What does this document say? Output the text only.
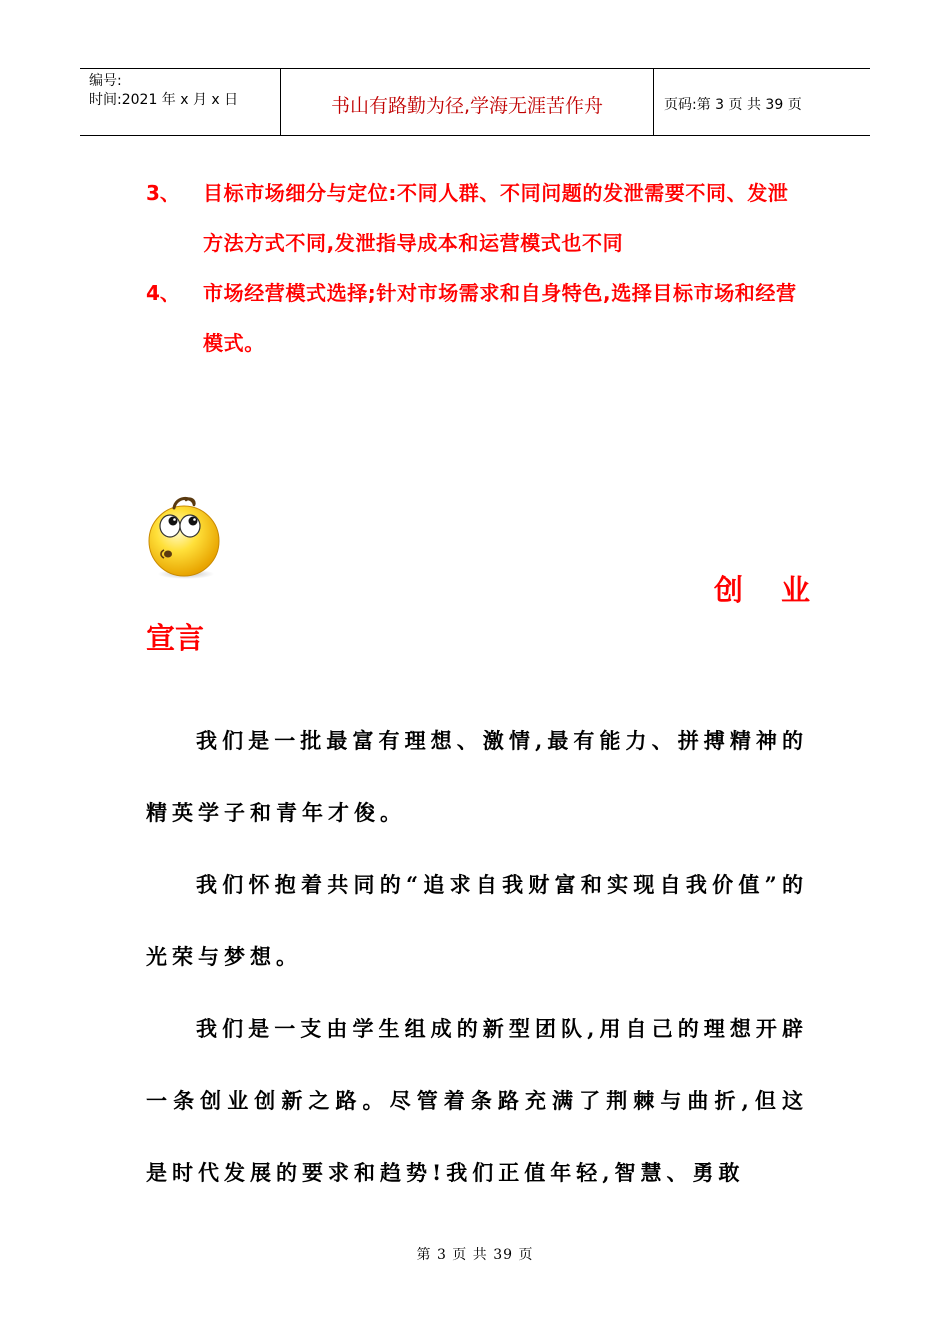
编号:
时间:2021 年 x 月 x 日	书山有路勤为径,学海无涯苦作舟	页码:第 3 页 共 39 页
3、	目标市场细分与定位:不同人群、不同问题的发泄需要不同、发泄方法方式不同,发泄指导成本和运营模式也不同
4、	市场经营模式选择;针对市场需求和自身特色,选择目标市场和经营模式。
创业
宣言

我们是一批最富有理想、激情,最有能力、拼搏精神的精英学子和青年才俊。

我们怀抱着共同的“追求自我财富和实现自我价值”的光荣与梦想。

我们是一支由学生组成的新型团队,用自己的理想开辟一条创业创新之路。尽管着条路充满了荆棘与曲折,但这是时代发展的要求和趋势!我们正值年轻,智慧、勇敢

第 3 页 共 39 页
